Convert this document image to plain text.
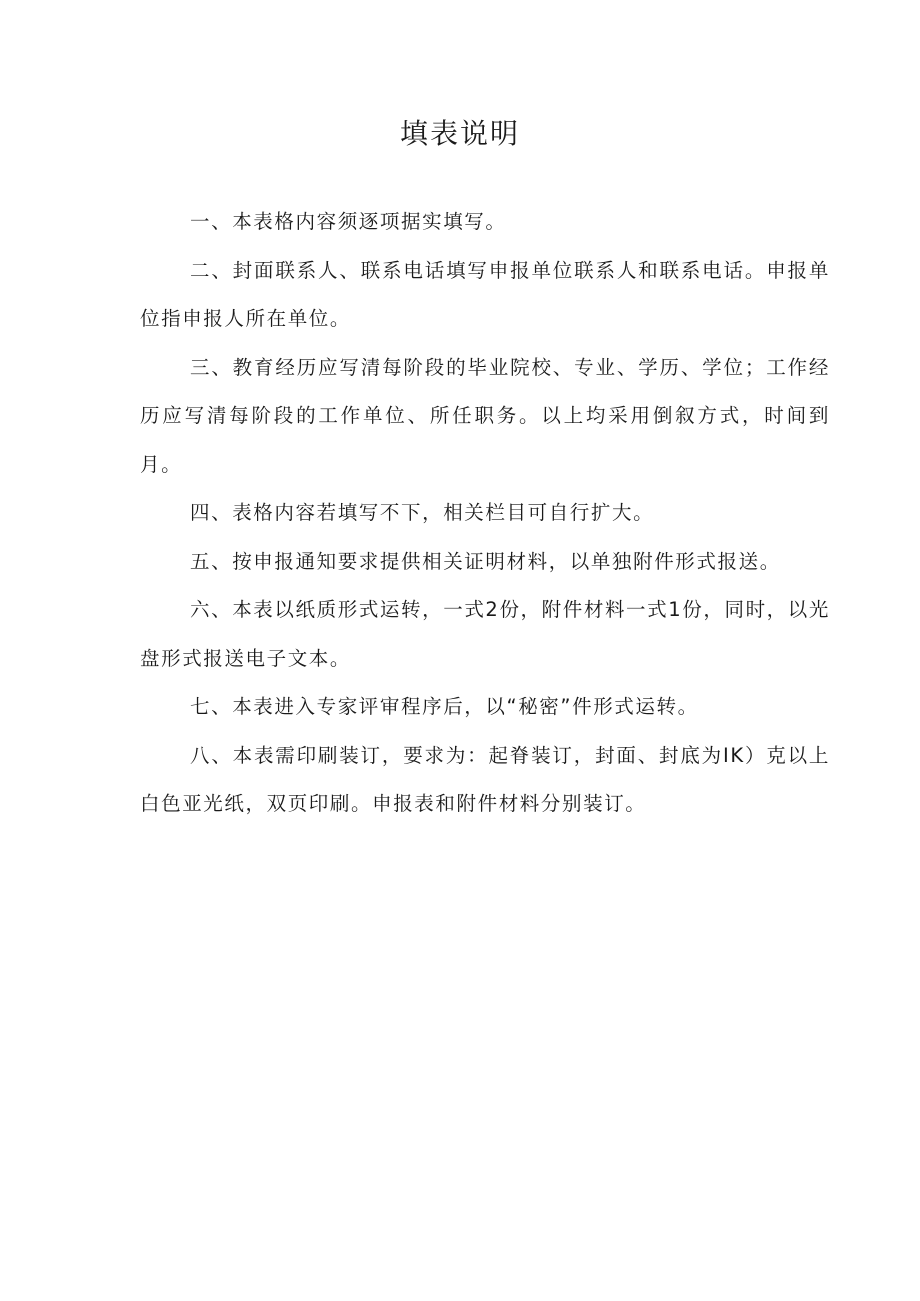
填表说明

一、本表格内容须逐项据实填写。

二、封面联系人、联系电话填写申报单位联系人和联系电话。申报单位指申报人所在单位。

三、教育经历应写清每阶段的毕业院校、专业、学历、学位；工作经历应写清每阶段的工作单位、所任职务。以上均采用倒叙方式，时间到月。

四、表格内容若填写不下，相关栏目可自行扩大。

五、按申报通知要求提供相关证明材料，以单独附件形式报送。

六、本表以纸质形式运转，一式2份，附件材料一式1份，同时，以光盘形式报送电子文本。

七、本表进入专家评审程序后，以“秘密”件形式运转。

八、本表需印刷装订，要求为：起脊装订，封面、封底为IK）克以上白色亚光纸，双页印刷。申报表和附件材料分别装订。
